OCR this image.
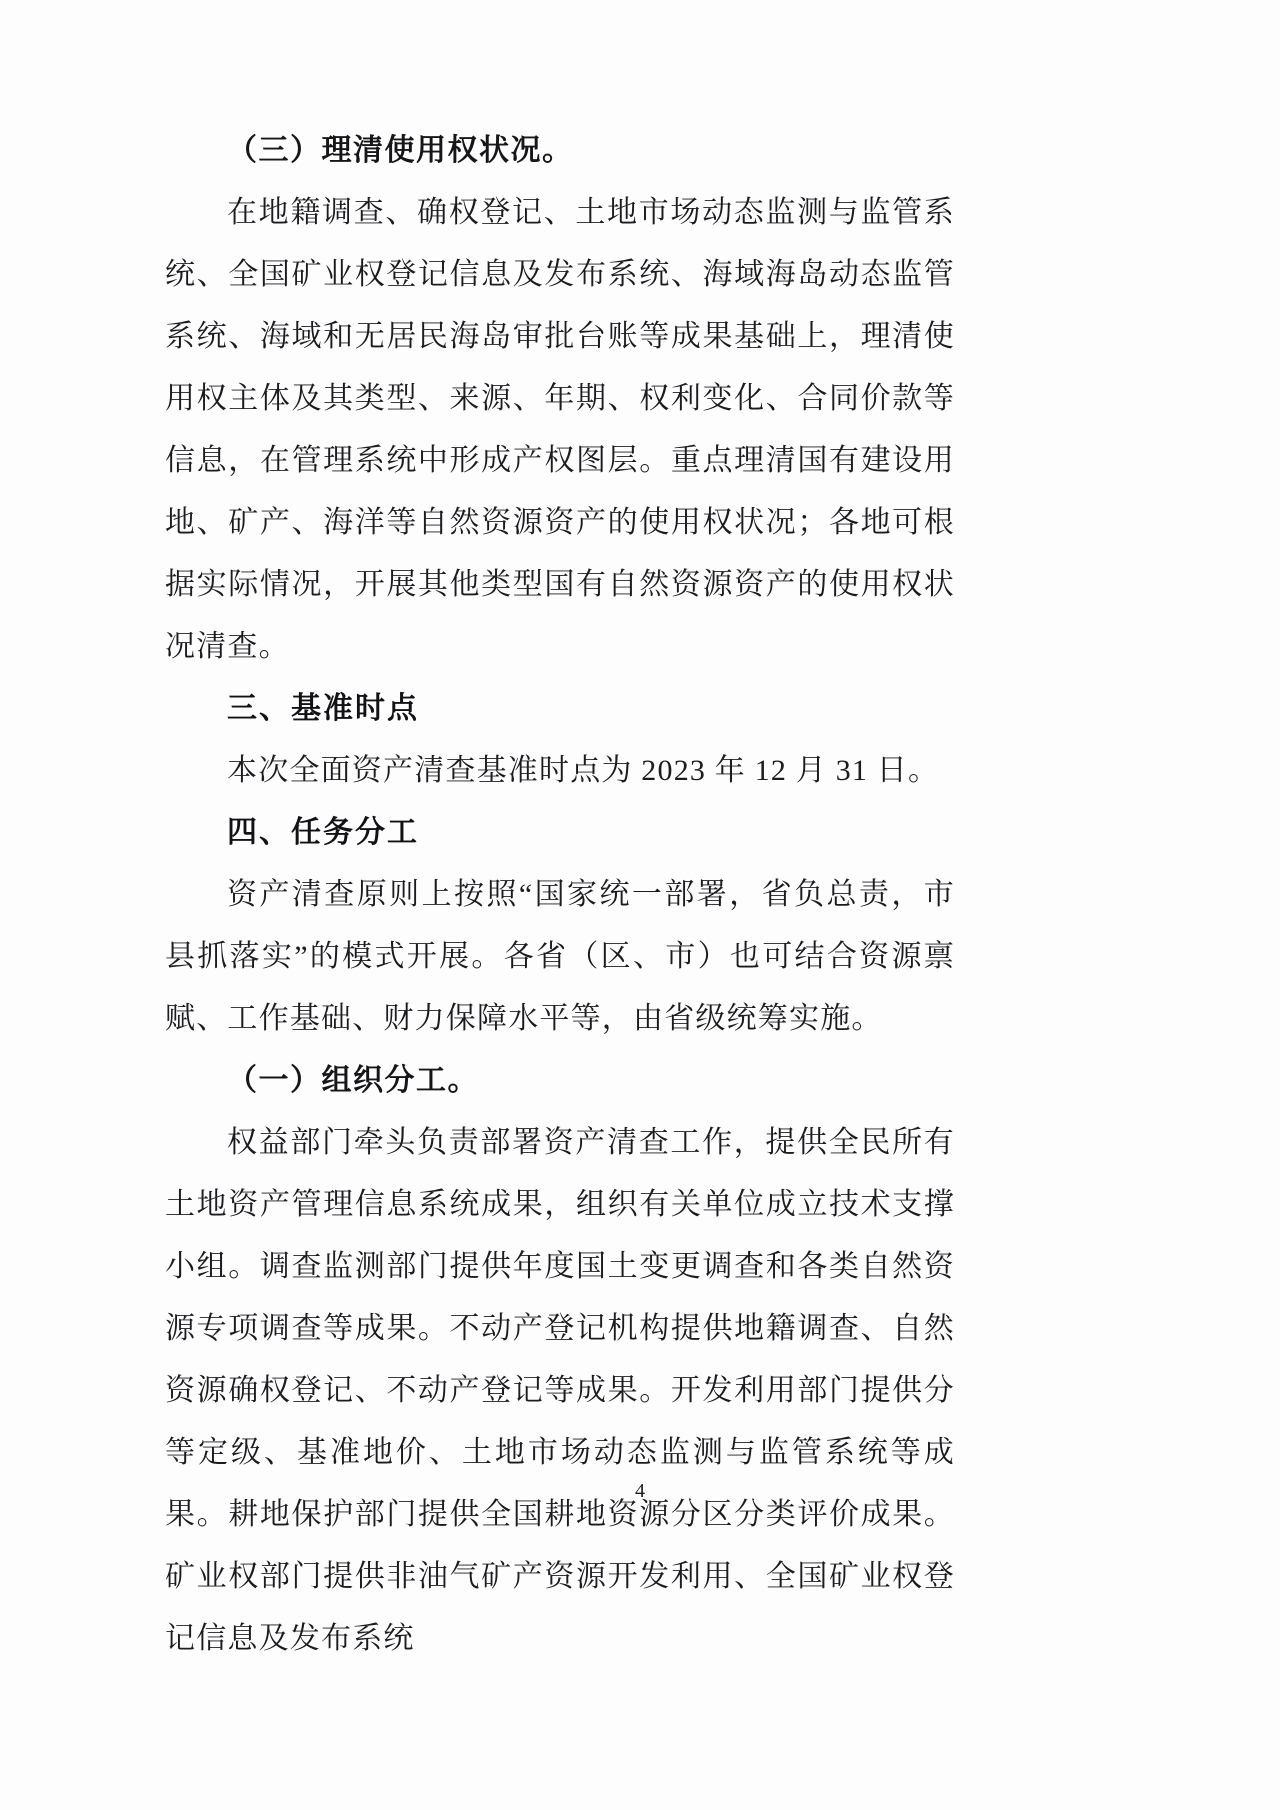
（三）理清使用权状况。

在地籍调查、确权登记、土地市场动态监测与监管系统、全国矿业权登记信息及发布系统、海域海岛动态监管系统、海域和无居民海岛审批台账等成果基础上，理清使用权主体及其类型、来源、年期、权利变化、合同价款等信息，在管理系统中形成产权图层。重点理清国有建设用地、矿产、海洋等自然资源资产的使用权状况；各地可根据实际情况，开展其他类型国有自然资源资产的使用权状况清查。

三、基准时点

本次全面资产清查基准时点为 2023 年 12 月 31 日。

四、任务分工

资产清查原则上按照“国家统一部署，省负总责，市县抓落实”的模式开展。各省（区、市）也可结合资源禀赋、工作基础、财力保障水平等，由省级统筹实施。

（一）组织分工。

权益部门牵头负责部署资产清查工作，提供全民所有土地资产管理信息系统成果，组织有关单位成立技术支撑小组。调查监测部门提供年度国土变更调查和各类自然资源专项调查等成果。不动产登记机构提供地籍调查、自然资源确权登记、不动产登记等成果。开发利用部门提供分等定级、基准地价、土地市场动态监测与监管系统等成果。耕地保护部门提供全国耕地资源分区分类评价成果。矿业权部门提供非油气矿产资源开发利用、全国矿业权登记信息及发布系统

4
